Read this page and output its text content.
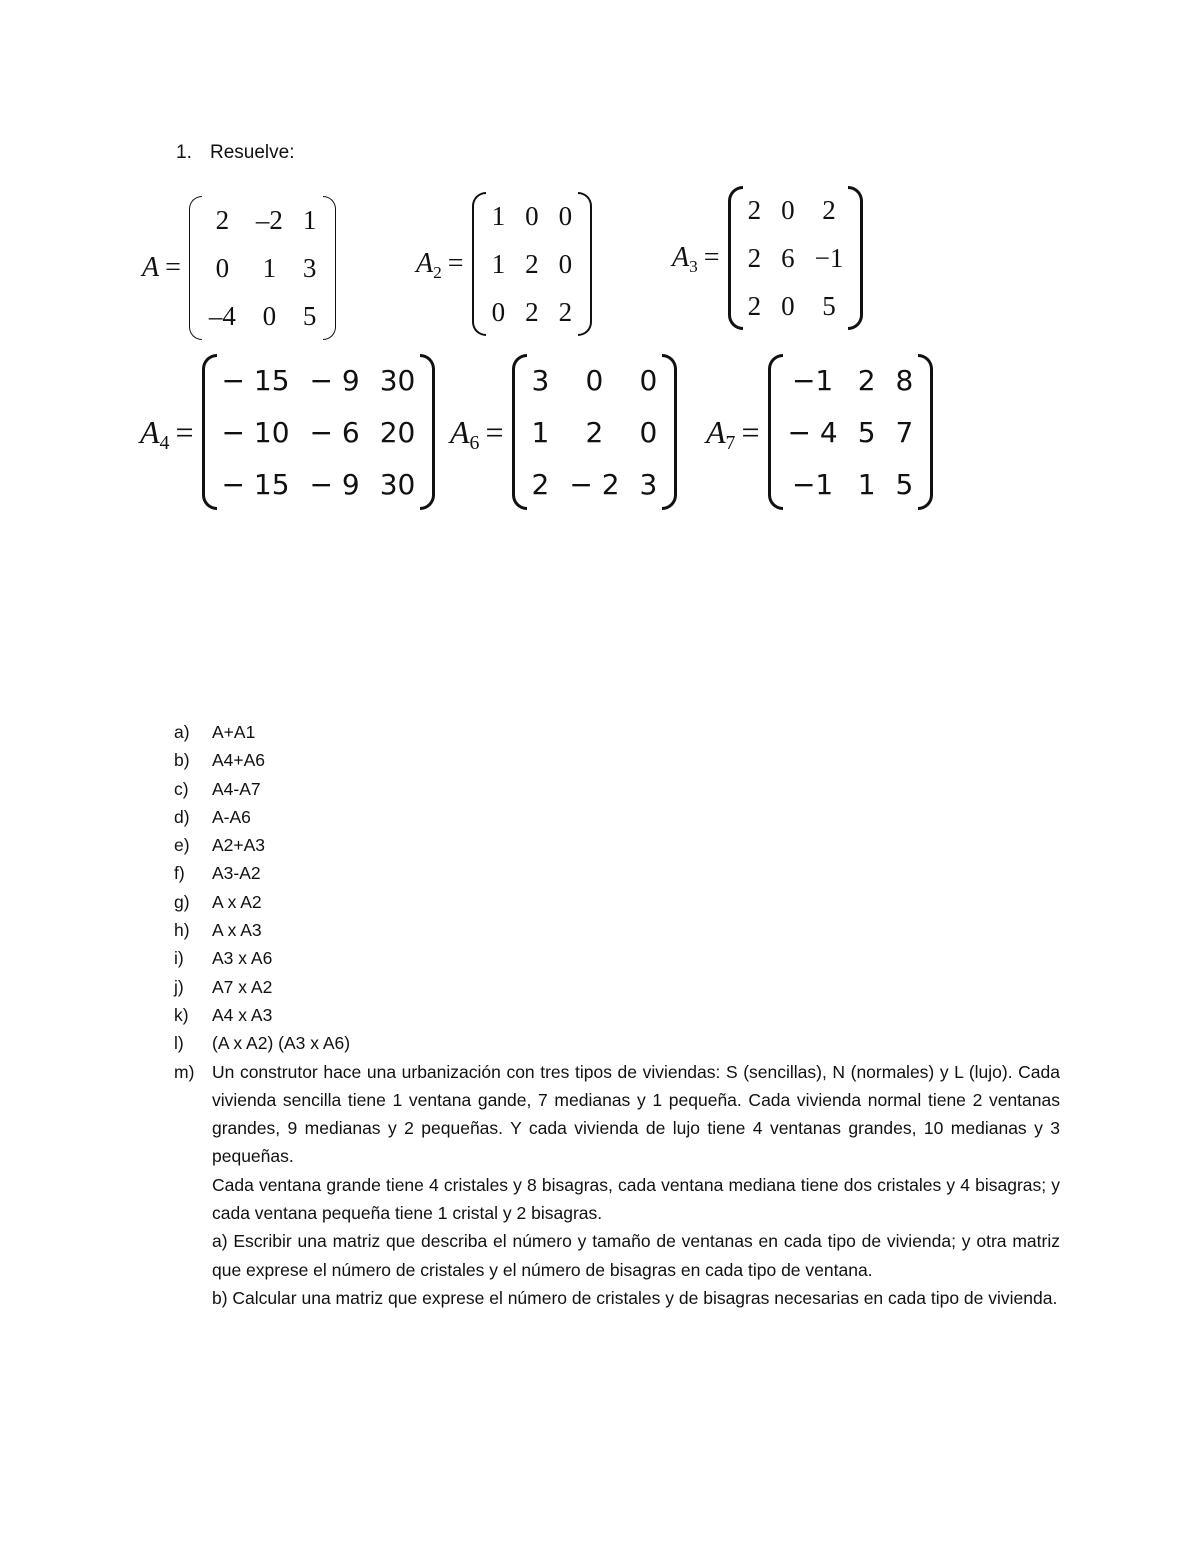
1. Resuelve:
A =
2	–2	1
0	1	3
–4	0	5
$A_2$ =
1	0	0
1	2	0
0	2	2
$A_3$ =
2	0	2
2	6	−1
2	0	5
$A_4$ =
− 15	− 9	30
− 10	− 6	20
− 15	− 9	30
$A_6$ =
3	0	0
1	2	0
2	− 2	3
$A_7$ =
−1	2	8
− 4	5	7
−1	1	5
a)	A+A1
b)	A4+A6
c)	A4-A7
d)	A-A6
e)	A2+A3
f)	A3-A2
g)	A x A2
h)	A x A3
i)	A3 x A6
j)	A7 x A2
k)	A4 x A3
l)	(A x A2) (A3 x A6)
m)	Un construtor hace una urbanización con tres tipos de viviendas: S (sencillas), N (normales) y L (lujo). Cada vivienda sencilla tiene 1 ventana gande, 7 medianas y 1 pequeña. Cada vivienda normal tiene 2 ventanas grandes, 9 medianas y 2 pequeñas. Y cada vivienda de lujo tiene 4 ventanas grandes, 10 medianas y 3 pequeñas.

Cada ventana grande tiene 4 cristales y 8 bisagras, cada ventana mediana tiene dos cristales y 4 bisagras; y cada ventana pequeña tiene 1 cristal y 2 bisagras.

a) Escribir una matriz que describa el número y tamaño de ventanas en cada tipo de vivienda; y otra matriz que exprese el número de cristales y el número de bisagras en cada tipo de ventana.

b) Calcular una matriz que exprese el número de cristales y de bisagras necesarias en cada tipo de vivienda.
